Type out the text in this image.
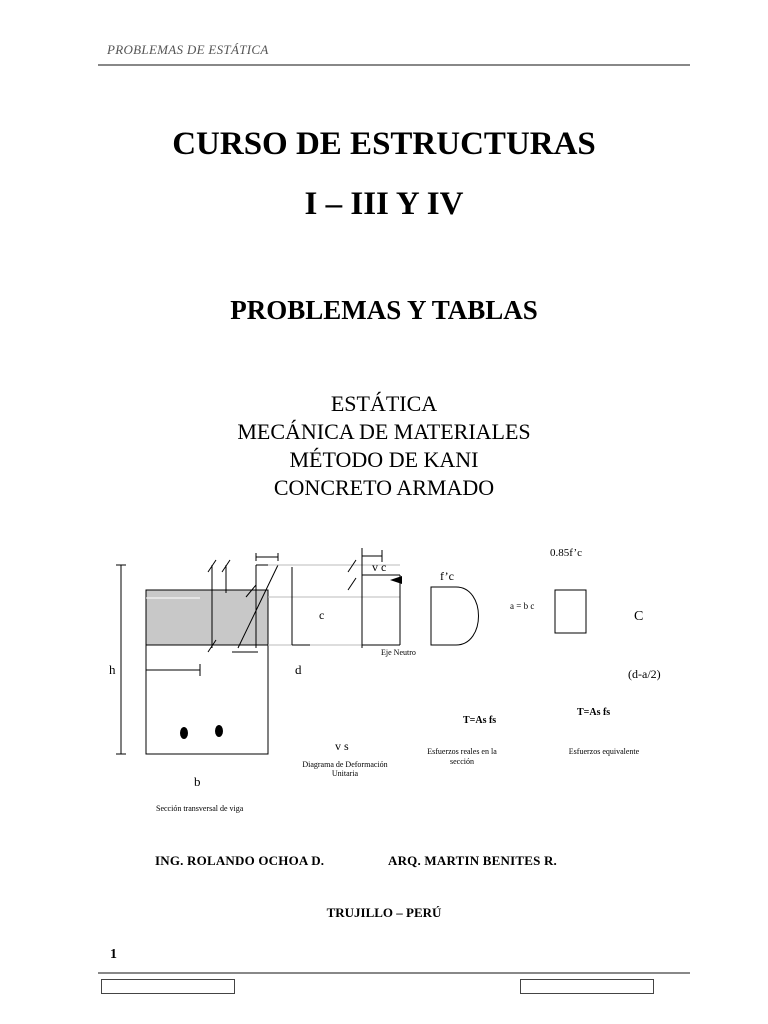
PROBLEMAS DE ESTÁTICA
CURSO DE ESTRUCTURAS
I – III Y IV
PROBLEMAS Y TABLAS
ESTÁTICA
MECÁNICA DE MATERIALES
MÉTODO DE KANI
CONCRETO ARMADO
h
b
d
c
v c
v s
f’c
0.85f’c
a = b c
C
(d-a/2)
T=As fs
T=As fs
Eje Neutro
Sección transversal de viga
Diagrama de Deformación
Unitaria
Esfuerzos reales en la
sección
Esfuerzos equivalente
ING. ROLANDO OCHOA D.	ARQ. MARTIN BENITES R.
TRUJILLO – PERÚ
1
